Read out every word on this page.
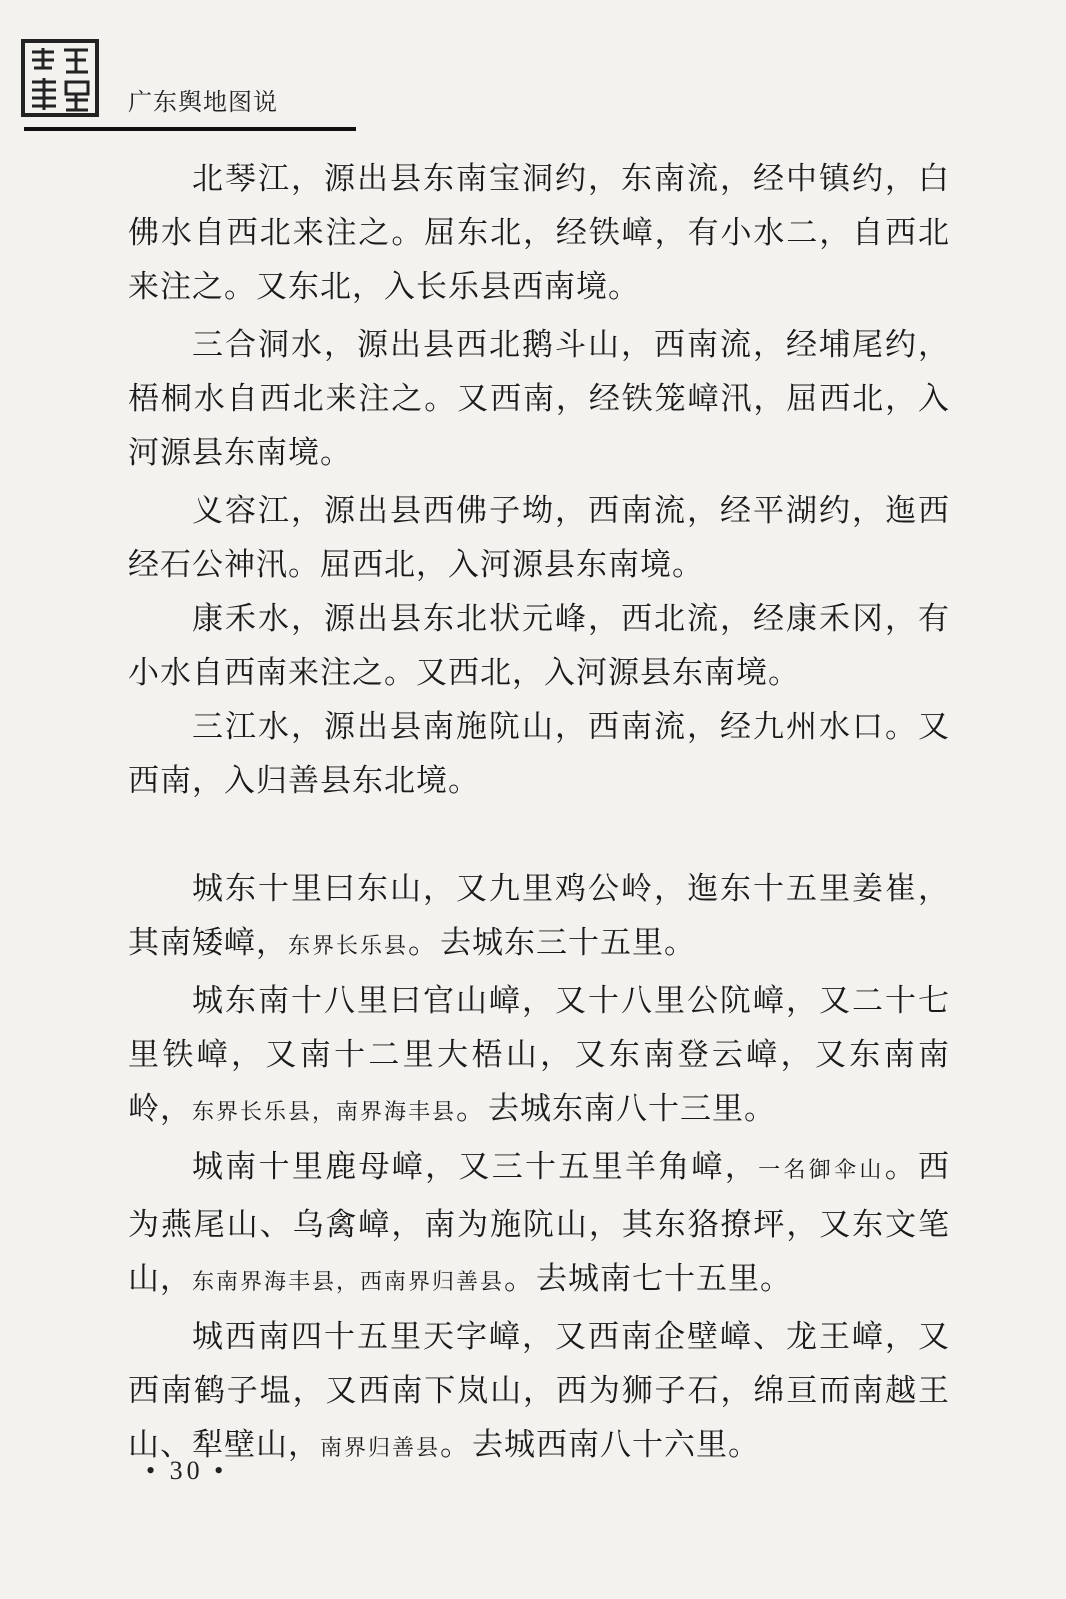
广东舆地图说

北琴江，源出县东南宝洞约，东南流，经中镇约，白佛水自西北来注之。屈东北，经铁嶂，有小水二，自西北来注之。又东北，入长乐县西南境。

三合洞水，源出县西北鹅斗山，西南流，经埔尾约，梧桐水自西北来注之。又西南，经铁笼嶂汛，屈西北，入河源县东南境。

义容江，源出县西佛子坳，西南流，经平湖约，迤西经石公神汛。屈西北，入河源县东南境。

康禾水，源出县东北状元峰，西北流，经康禾冈，有小水自西南来注之。又西北，入河源县东南境。

三江水，源出县南施阬山，西南流，经九州水口。又西南，入归善县东北境。

城东十里曰东山，又九里鸡公岭，迤东十五里姜崔，其南矮嶂，东界长乐县。去城东三十五里。

城东南十八里曰官山嶂，又十八里公阬嶂，又二十七里铁嶂，又南十二里大梧山，又东南登云嶂，又东南南岭，东界长乐县，南界海丰县。去城东南八十三里。

城南十里鹿母嶂，又三十五里羊角嶂，一名御伞山。西为燕尾山、乌禽嶂，南为施阬山，其东狢撩坪，又东文笔山，东南界海丰县，西南界归善县。去城南七十五里。

城西南四十五里天字嶂，又西南企壁嶂、龙王嶂，又西南鹤子塭，又西南下岚山，西为狮子石，绵亘而南越王山、犁壁山，南界归善县。去城西南八十六里。

• 30 •
